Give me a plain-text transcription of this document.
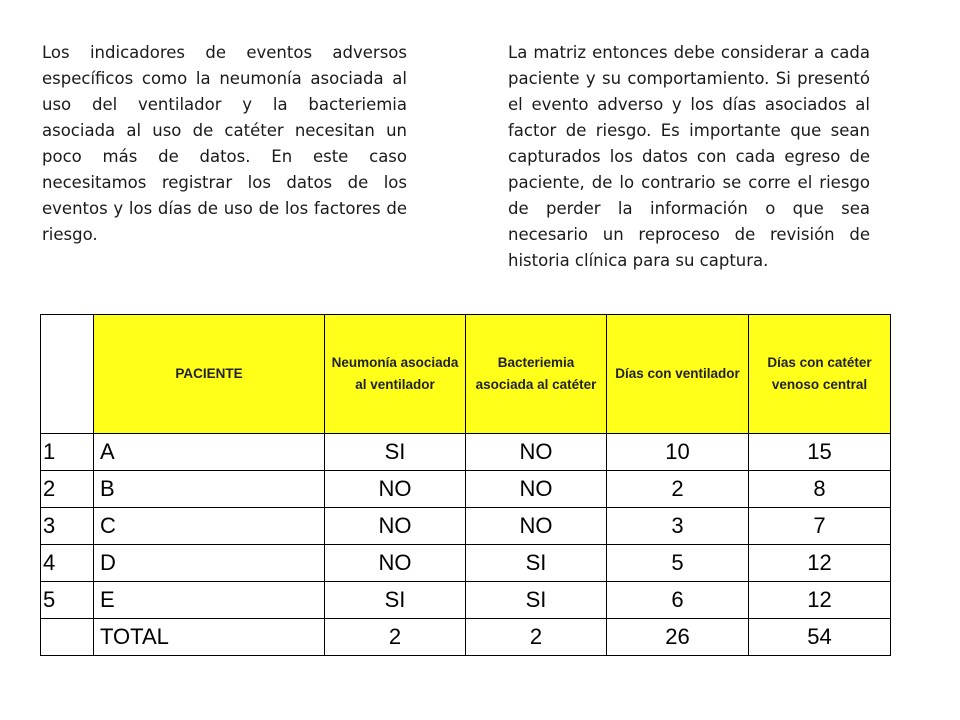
Los indicadores de eventos adversos específicos como la neumonía asociada al uso del ventilador y la bacteriemia asociada al uso de catéter necesitan un poco más de datos. En este caso necesitamos registrar los datos de los eventos y los días de uso de los factores de riesgo.

La matriz entonces debe considerar a cada paciente y su comportamiento. Si presentó el evento adverso y los días asociados al factor de riesgo. Es importante que sean capturados los datos con cada egreso de paciente, de lo contrario se corre el riesgo de perder la información o que sea necesario un reproceso de revisión de historia clínica para su captura.

	PACIENTE	Neumonía asociada al ventilador	Bacteriemia asociada al catéter	Días con ventilador	Días con catéter venoso central
1	A	SI	NO	10	15
2	B	NO	NO	2	8
3	C	NO	NO	3	7
4	D	NO	SI	5	12
5	E	SI	SI	6	12
	TOTAL	2	2	26	54
